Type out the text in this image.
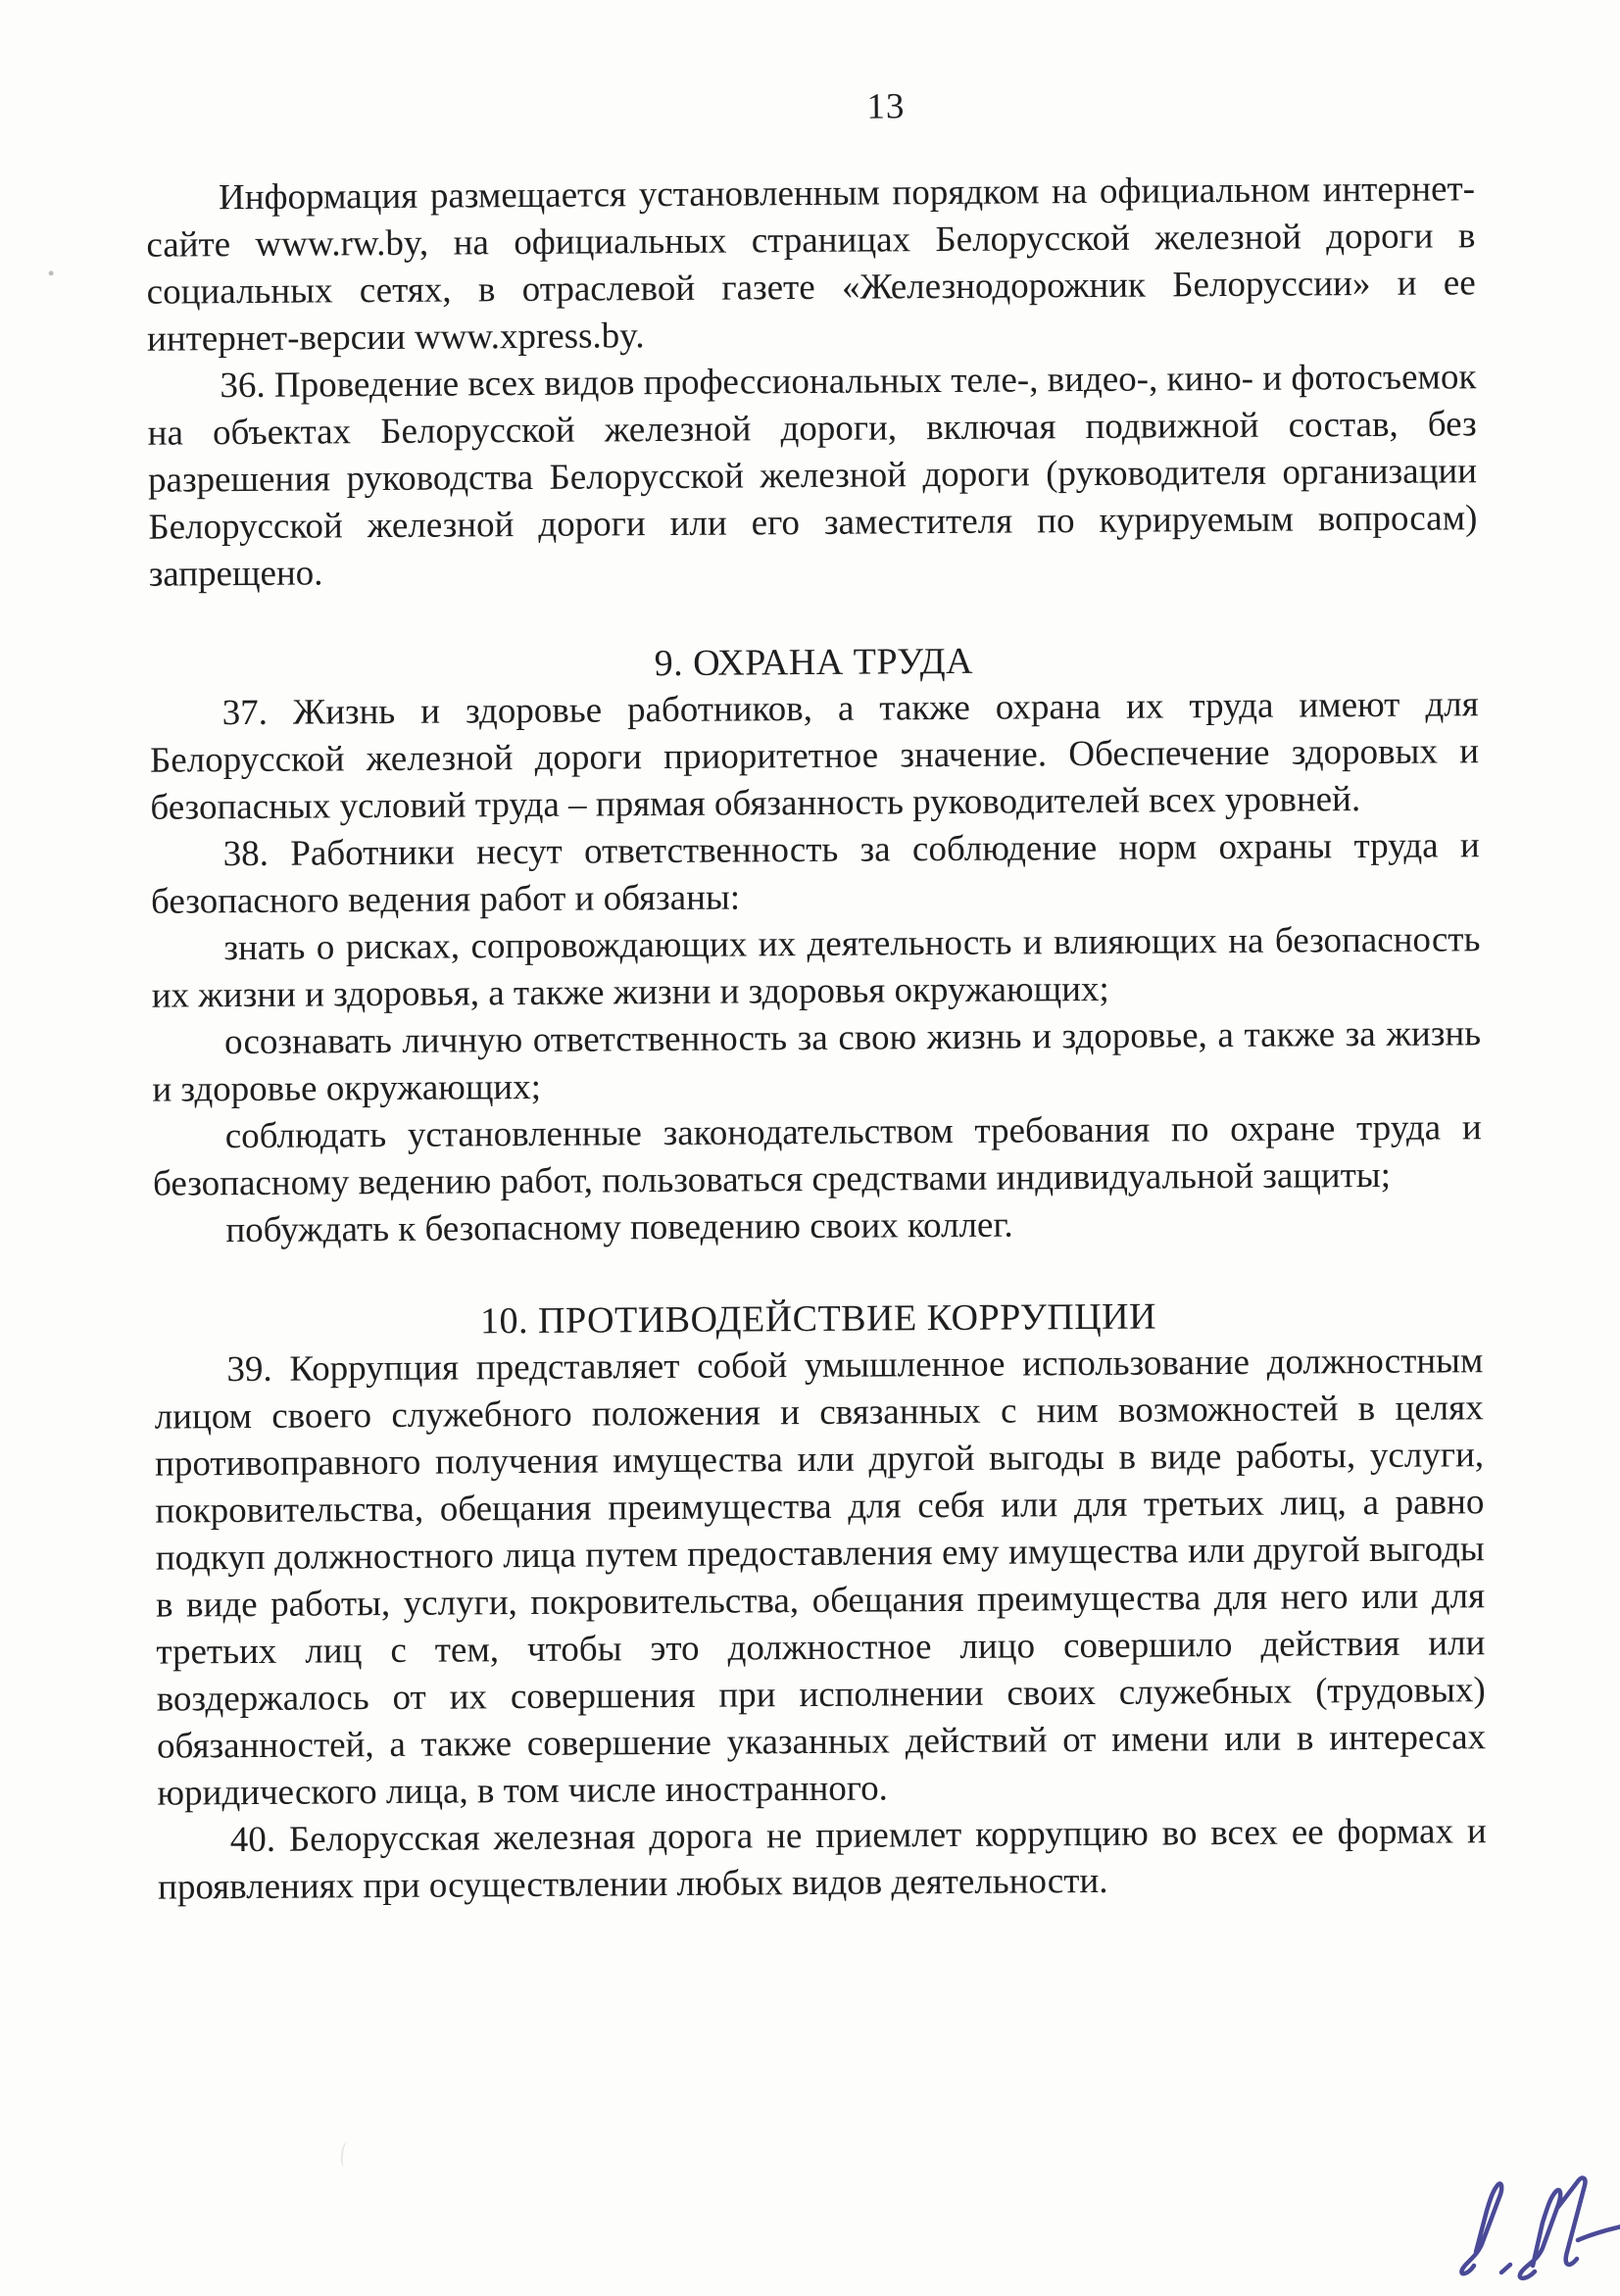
13

Информация размещается установленным порядком на официальном интернет-сайте www.rw.by, на официальных страницах Белорусской железной дороги в социальных сетях, в отраслевой газете «Железнодорожник Белоруссии» и ее интернет-версии www.xpress.by.

36. Проведение всех видов профессиональных теле-, видео-, кино- и фотосъемок на объектах Белорусской железной дороги, включая подвижной состав, без разрешения руководства Белорусской железной дороги (руководителя организации Белорусской железной дороги или его заместителя по курируемым вопросам) запрещено.

9. ОХРАНА ТРУДА

37. Жизнь и здоровье работников, а также охрана их труда имеют для Белорусской железной дороги приоритетное значение. Обеспечение здоровых и безопасных условий труда – прямая обязанность руководителей всех уровней.

38. Работники несут ответственность за соблюдение норм охраны труда и безопасного ведения работ и обязаны:

знать о рисках, сопровождающих их деятельность и влияющих на безопасность их жизни и здоровья, а также жизни и здоровья окружающих;

осознавать личную ответственность за свою жизнь и здоровье, а также за жизнь и здоровье окружающих;

соблюдать установленные законодательством требования по охране труда и безопасному ведению работ, пользоваться средствами индивидуальной защиты;

побуждать к безопасному поведению своих коллег.

10. ПРОТИВОДЕЙСТВИЕ КОРРУПЦИИ

39. Коррупция представляет собой умышленное использование должностным лицом своего служебного положения и связанных с ним возможностей в целях противоправного получения имущества или другой выгоды в виде работы, услуги, покровительства, обещания преимущества для себя или для третьих лиц, а равно подкуп должностного лица путем предоставления ему имущества или другой выгоды в виде работы, услуги, покровительства, обещания преимущества для него или для третьих лиц с тем, чтобы это должностное лицо совершило действия или воздержалось от их совершения при исполнении своих служебных (трудовых) обязанностей, а также совершение указанных действий от имени или в интересах юридического лица, в том числе иностранного.

40. Белорусская железная дорога не приемлет коррупцию во всех ее формах и проявлениях при осуществлении любых видов деятельности.
